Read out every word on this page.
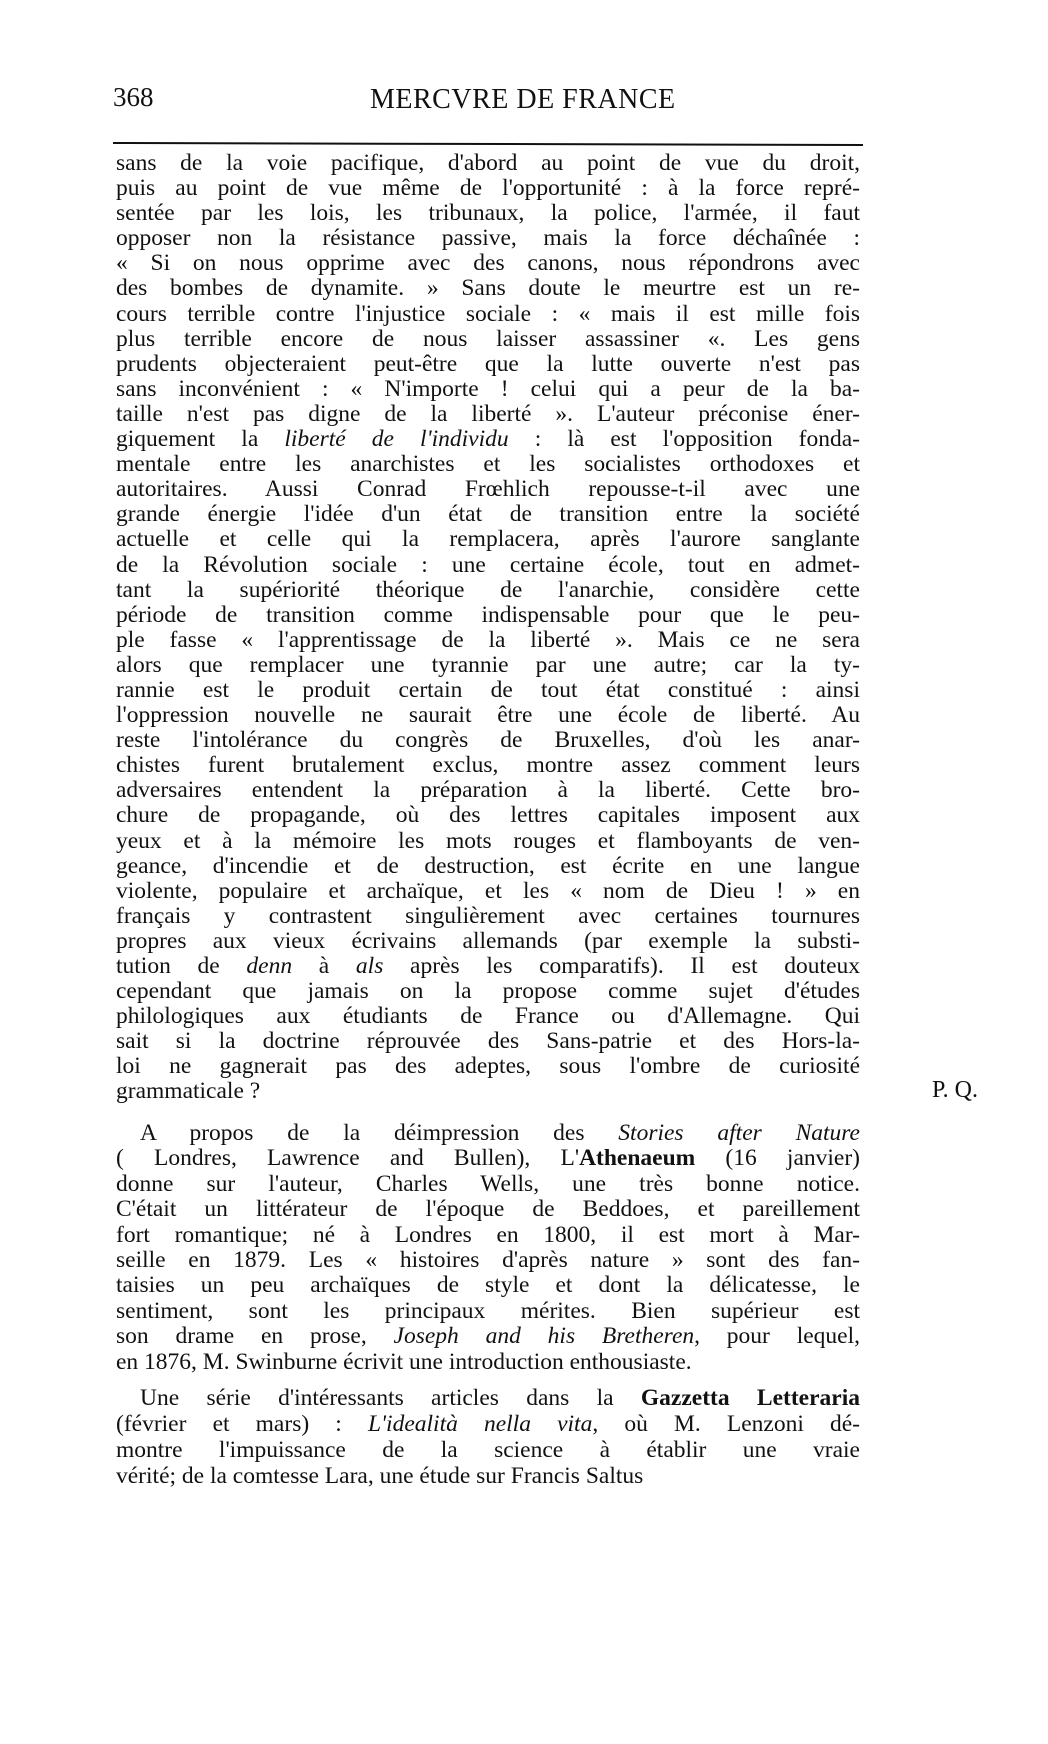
368	MERCVRE DE FRANCE
sans de la voie pacifique, d'abord au point de vue du droit,
puis au point de vue même de l'opportunité : à la force repré-
sentée par les lois, les tribunaux, la police, l'armée, il faut
opposer non la résistance passive, mais la force déchaînée :
« Si on nous opprime avec des canons, nous répondrons avec
des bombes de dynamite. » Sans doute le meurtre est un re-
cours terrible contre l'injustice sociale : « mais il est mille fois
plus terrible encore de nous laisser assassiner «. Les gens
prudents objecteraient peut-être que la lutte ouverte n'est pas
sans inconvénient : « N'importe ! celui qui a peur de la ba-
taille n'est pas digne de la liberté ». L'auteur préconise éner-
giquement la liberté de l'individu : là est l'opposition fonda-
mentale entre les anarchistes et les socialistes orthodoxes et
autoritaires. Aussi Conrad Frœhlich repousse-t-il avec une
grande énergie l'idée d'un état de transition entre la société
actuelle et celle qui la remplacera, après l'aurore sanglante
de la Révolution sociale : une certaine école, tout en admet-
tant la supériorité théorique de l'anarchie, considère cette
période de transition comme indispensable pour que le peu-
ple fasse « l'apprentissage de la liberté ». Mais ce ne sera
alors que remplacer une tyrannie par une autre; car la ty-
rannie est le produit certain de tout état constitué : ainsi
l'oppression nouvelle ne saurait être une école de liberté. Au
reste l'intolérance du congrès de Bruxelles, d'où les anar-
chistes furent brutalement exclus, montre assez comment leurs
adversaires entendent la préparation à la liberté. Cette bro-
chure de propagande, où des lettres capitales imposent aux
yeux et à la mémoire les mots rouges et flamboyants de ven-
geance, d'incendie et de destruction, est écrite en une langue
violente, populaire et archaïque, et les « nom de Dieu ! » en
français y contrastent singulièrement avec certaines tournures
propres aux vieux écrivains allemands (par exemple la substi-
tution de denn à als après les comparatifs). Il est douteux
cependant que jamais on la propose comme sujet d'études
philologiques aux étudiants de France ou d'Allemagne. Qui
sait si la doctrine réprouvée des Sans-patrie et des Hors-la-
loi ne gagnerait pas des adeptes, sous l'ombre de curiosité
grammaticale ?	P. Q.
A propos de la déimpression des Stories after Nature
( Londres, Lawrence and Bullen), L'Athenaeum (16 janvier)
donne sur l'auteur, Charles Wells, une très bonne notice.
C'était un littérateur de l'époque de Beddoes, et pareillement
fort romantique; né à Londres en 1800, il est mort à Mar-
seille en 1879. Les « histoires d'après nature » sont des fan-
taisies un peu archaïques de style et dont la délicatesse, le
sentiment, sont les principaux mérites. Bien supérieur est
son drame en prose, Joseph and his Bretheren, pour lequel,
en 1876, M. Swinburne écrivit une introduction enthousiaste.
Une série d'intéressants articles dans la Gazzetta Letteraria
(février et mars) : L'idealità nella vita, où M. Lenzoni dé-
montre l'impuissance de la science à établir une vraie
vérité; de la comtesse Lara, une étude sur Francis Saltus
